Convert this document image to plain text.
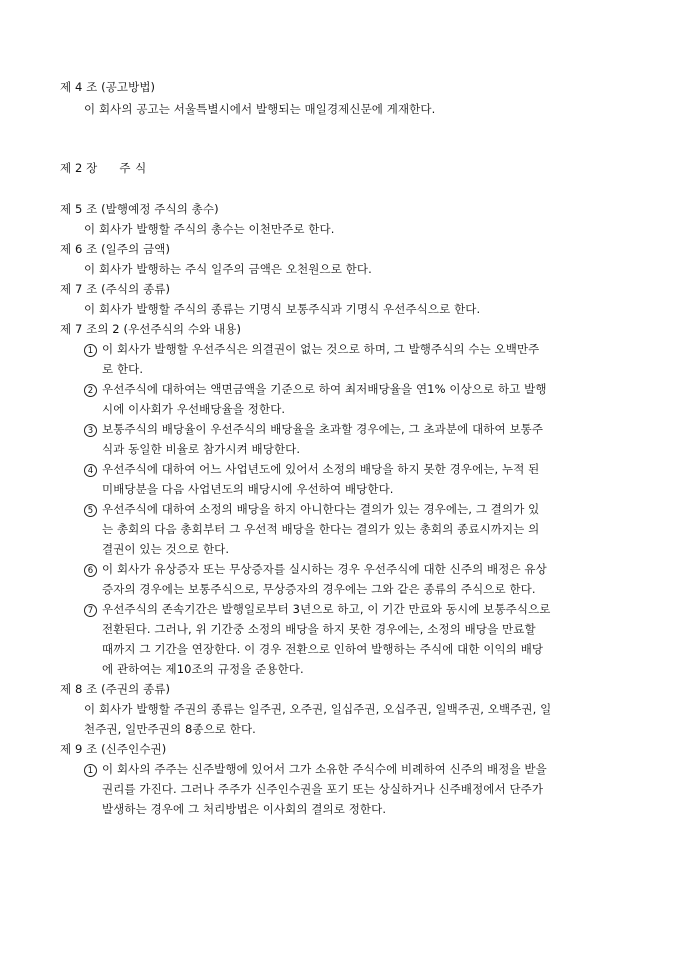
제 4 조 (공고방법)
이 회사의 공고는 서울특별시에서 발행되는 매일경제신문에 게재한다.
제 2 장 주 식
제 5 조 (발행예정 주식의 총수)
이 회사가 발행할 주식의 총수는 이천만주로 한다.
제 6 조 (일주의 금액)
이 회사가 발행하는 주식 일주의 금액은 오천원으로 한다.
제 7 조 (주식의 종류)
이 회사가 발행할 주식의 종류는 기명식 보통주식과 기명식 우선주식으로 한다.
제 7 조의 2 (우선주식의 수와 내용)
1 이 회사가 발행할 우선주식은 의결권이 없는 것으로 하며, 그 발행주식의 수는 오백만주
로 한다.
2 우선주식에 대하여는 액면금액을 기준으로 하여 최저배당율을 연1% 이상으로 하고 발행
시에 이사회가 우선배당율을 정한다.
3 보통주식의 배당율이 우선주식의 배당율을 초과할 경우에는, 그 초과분에 대하여 보통주
식과 동일한 비율로 참가시켜 배당한다.
4 우선주식에 대하여 어느 사업년도에 있어서 소정의 배당을 하지 못한 경우에는, 누적 된
미배당분을 다음 사업년도의 배당시에 우선하여 배당한다.
5 우선주식에 대하여 소정의 배당을 하지 아니한다는 결의가 있는 경우에는, 그 결의가 있
는 총회의 다음 총회부터 그 우선적 배당을 한다는 결의가 있는 총회의 종료시까지는 의
결권이 있는 것으로 한다.
6 이 회사가 유상증자 또는 무상증자를 실시하는 경우 우선주식에 대한 신주의 배정은 유상
증자의 경우에는 보통주식으로, 무상증자의 경우에는 그와 같은 종류의 주식으로 한다.
7 우선주식의 존속기간은 발행일로부터 3년으로 하고, 이 기간 만료와 동시에 보통주식으로
전환된다. 그러나, 위 기간중 소정의 배당을 하지 못한 경우에는, 소정의 배당을 만료할
때까지 그 기간을 연장한다. 이 경우 전환으로 인하여 발행하는 주식에 대한 이익의 배당
에 관하여는 제10조의 규정을 준용한다.
제 8 조 (주권의 종류)
이 회사가 발행할 주권의 종류는 일주권, 오주권, 일십주권, 오십주권, 일백주권, 오백주권, 일
천주권, 일만주권의 8종으로 한다.
제 9 조 (신주인수권)
1 이 회사의 주주는 신주발행에 있어서 그가 소유한 주식수에 비례하여 신주의 배정을 받을
권리를 가진다. 그러나 주주가 신주인수권을 포기 또는 상실하거나 신주배정에서 단주가
발생하는 경우에 그 처리방법은 이사회의 결의로 정한다.
